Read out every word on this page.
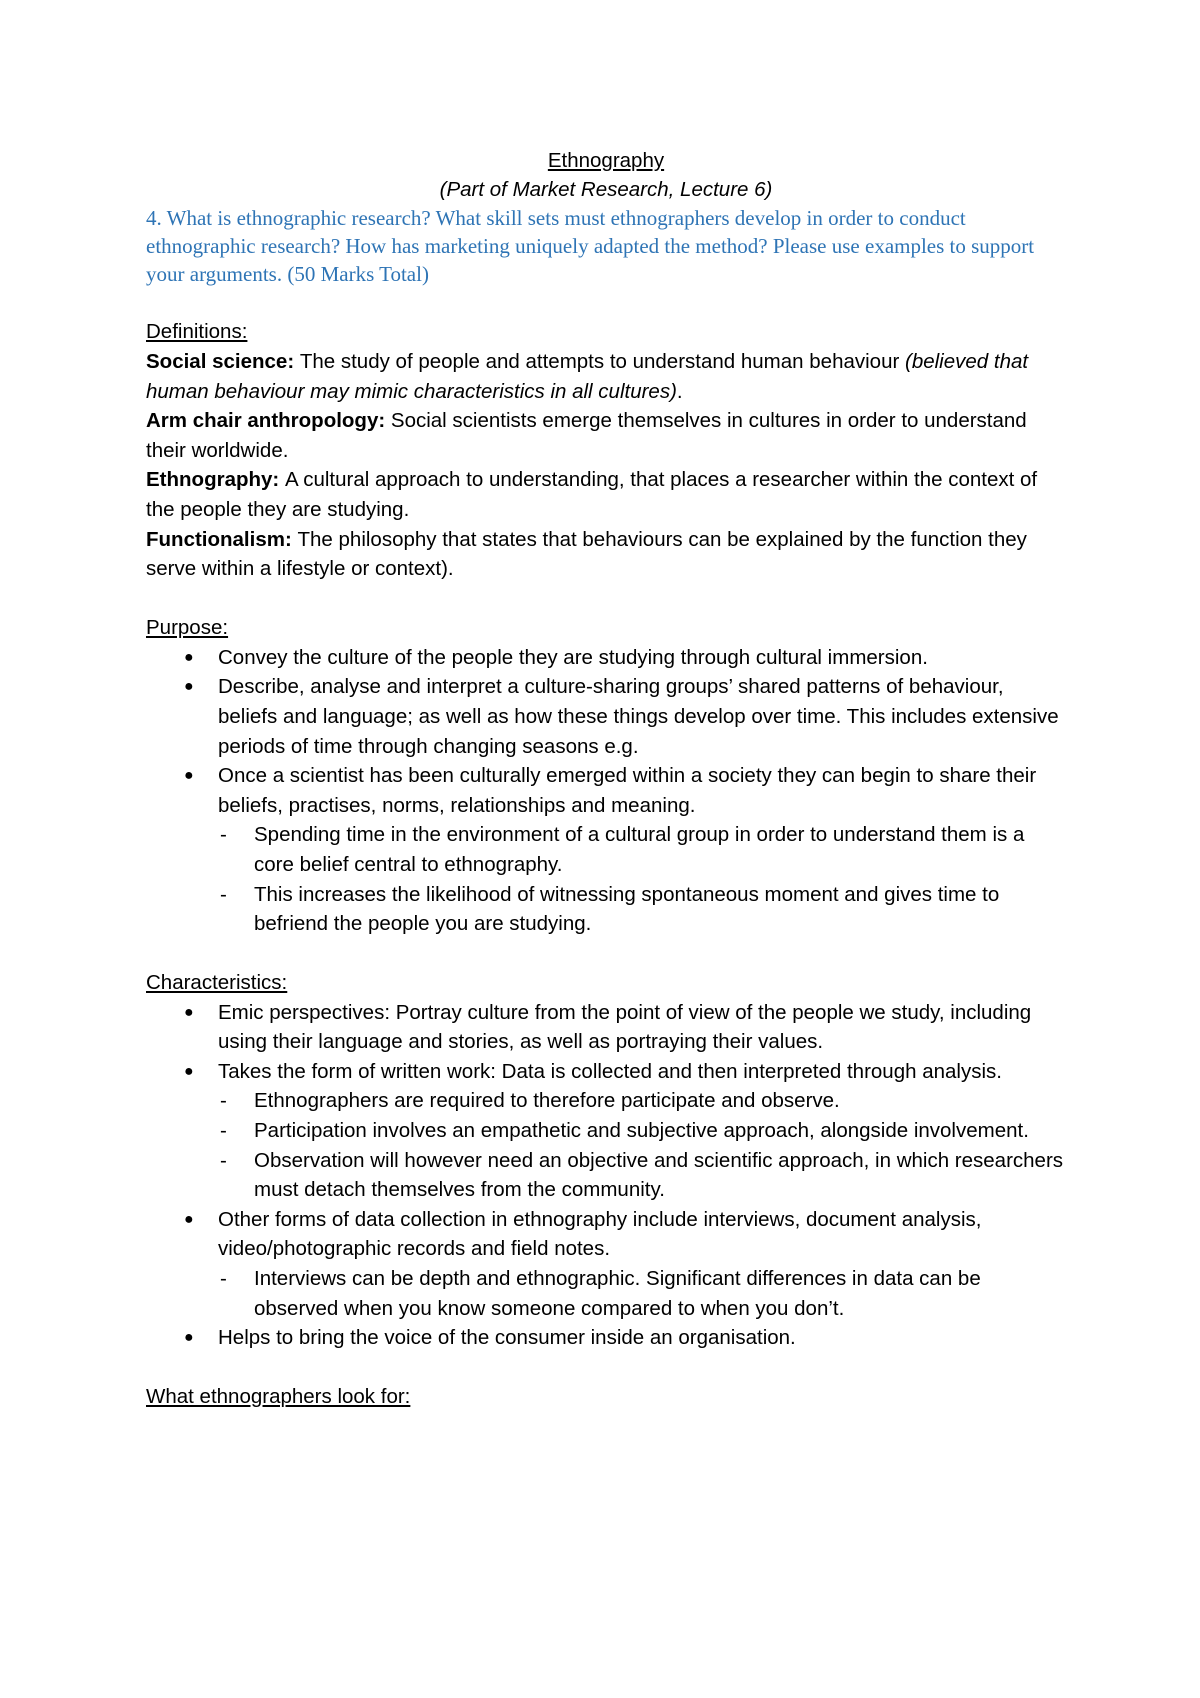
Ethnography
(Part of Market Research, Lecture 6)
4. What is ethnographic research? What skill sets must ethnographers develop in order to conduct ethnographic research? How has marketing uniquely adapted the method? Please use examples to support your arguments. (50 Marks Total)
Definitions:
Social science: The study of people and attempts to understand human behaviour (believed that human behaviour may mimic characteristics in all cultures).
Arm chair anthropology: Social scientists emerge themselves in cultures in order to understand their worldwide.
Ethnography: A cultural approach to understanding, that places a researcher within the context of the people they are studying.
Functionalism: The philosophy that states that behaviours can be explained by the function they serve within a lifestyle or context).
Purpose:
● Convey the culture of the people they are studying through cultural immersion.
● Describe, analyse and interpret a culture-sharing groups’ shared patterns of behaviour, beliefs and language; as well as how these things develop over time. This includes extensive periods of time through changing seasons e.g.
● Once a scientist has been culturally emerged within a society they can begin to share their beliefs, practises, norms, relationships and meaning.
- Spending time in the environment of a cultural group in order to understand them is a core belief central to ethnography.
- This increases the likelihood of witnessing spontaneous moment and gives time to befriend the people you are studying.
Characteristics:
● Emic perspectives: Portray culture from the point of view of the people we study, including using their language and stories, as well as portraying their values.
● Takes the form of written work: Data is collected and then interpreted through analysis.
- Ethnographers are required to therefore participate and observe.
- Participation involves an empathetic and subjective approach, alongside involvement.
- Observation will however need an objective and scientific approach, in which researchers must detach themselves from the community.
● Other forms of data collection in ethnography include interviews, document analysis, video/photographic records and field notes.
- Interviews can be depth and ethnographic. Significant differences in data can be observed when you know someone compared to when you don’t.
● Helps to bring the voice of the consumer inside an organisation.
What ethnographers look for:
